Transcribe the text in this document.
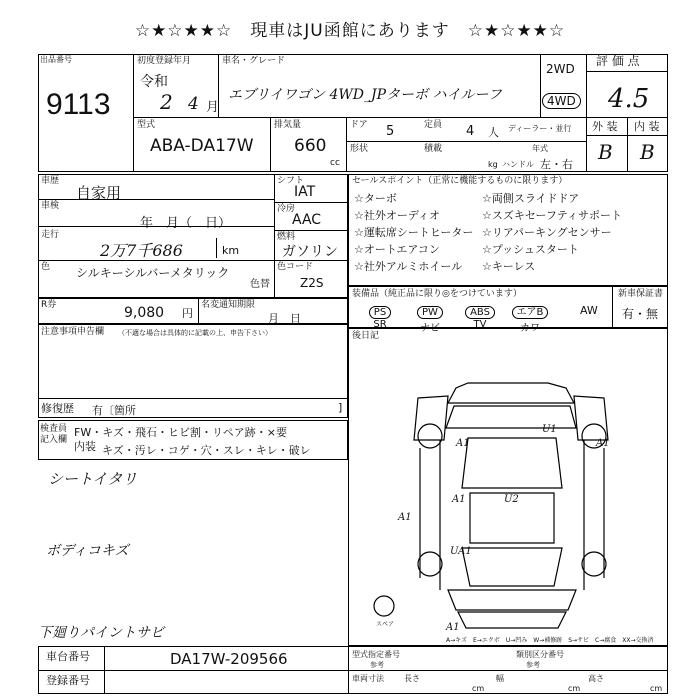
☆★☆★★☆　現車はJU函館にあります　☆★☆★★☆
出品番号
9113
初度登録年月
令和
2 4 月
車名・グレード
エブリイワゴン 4WD_JPターボ ハイルーフ
2WD
4WD
評 価 点
4.5
型式
ABA-DA17W
排気量
660
cc
ドア 5	定員 4 人 ディーラー・並行
形状	積載	年式
kg ハンドル 左・右
外 装 内 装
B B
車歴
自家用
車検
年　月（　日）
走行
2万7千686	km
色 シルキーシルバーメタリック
色替
シフト
IAT
冷房
AAC
燃料
ガソリン
色コード
Z2S
R券	9,080 円
名変通知期限
月　日
セールスポイント（正常に機能するものに限ります）
☆ターボ	☆両側スライドドア
☆社外オーディオ	☆スズキセーフティサポート
☆運転席シートヒーター ☆リアパーキングセンサー
☆オートエアコン	☆プッシュスタート
☆社外アルミホイール ☆キーレス
装備品（純正品に限り◎をつけています）
PS
SR
PW
ナビ
ABS
TV
エアB
カワ
AW
新車保証書
有・無
注意事項申告欄 （不適な場合は具体的に記載の上、申告下さい）
修復歴 有〔箇所	]
検査員記入欄
FW・キズ・飛石・ヒビ割・リペア跡・×要
内装 キズ・汚レ・コゲ・穴・スレ・キレ・破レ
シートイタリ
ボディコキズ
下廻りパイントサビ
後日記
A1	A1
U1
U2
A1
UA1
A1
A1
スペア
A→キズ　E→エクボ　U→凹み　W→補修跡　S→サビ　C→腐食　XX→交換済
車台番号	DA17W-209566
登録番号
型式指定番号
参考
類別区分番号
参考
車両寸法	長さ
cm
幅
cm
高さ
cm
